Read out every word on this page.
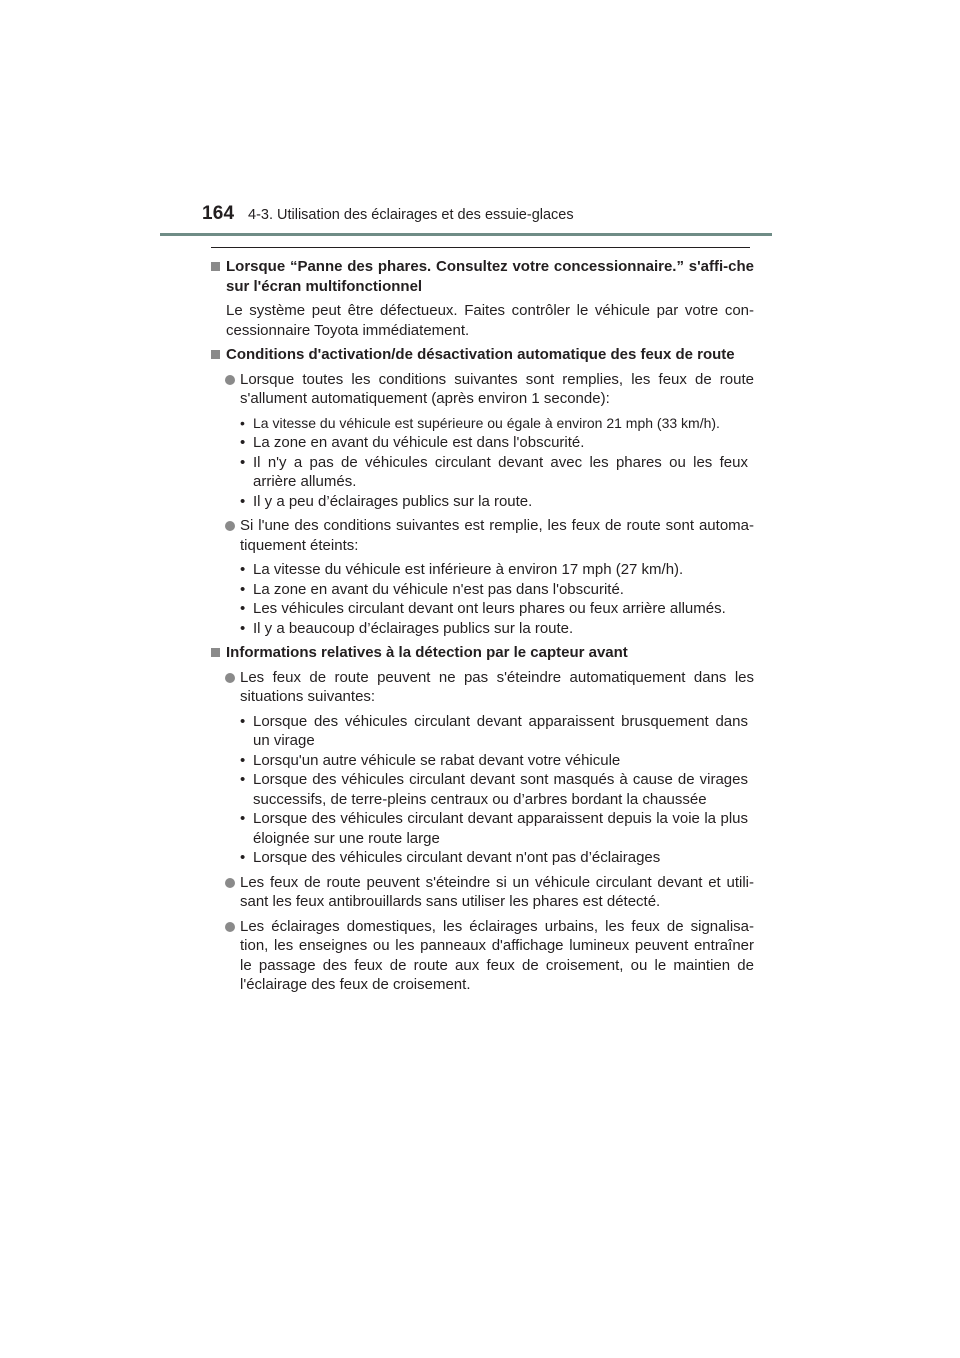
164 4-3. Utilisation des éclairages et des essuie-glaces
Lorsque “Panne des phares. Consultez votre concessionnaire.” s'affi-che sur l'écran multifonctionnel
Le système peut être défectueux. Faites contrôler le véhicule par votre con-cessionnaire Toyota immédiatement.
Conditions d'activation/de désactivation automatique des feux de route
Lorsque toutes les conditions suivantes sont remplies, les feux de route s'allument automatiquement (après environ 1 seconde):
• La vitesse du véhicule est supérieure ou égale à environ 21 mph (33 km/h).
• La zone en avant du véhicule est dans l'obscurité.
• Il n'y a pas de véhicules circulant devant avec les phares ou les feux arrière allumés.
• Il y a peu d’éclairages publics sur la route.
Si l'une des conditions suivantes est remplie, les feux de route sont automa-tiquement éteints:
• La vitesse du véhicule est inférieure à environ 17 mph (27 km/h).
• La zone en avant du véhicule n'est pas dans l'obscurité.
• Les véhicules circulant devant ont leurs phares ou feux arrière allumés.
• Il y a beaucoup d’éclairages publics sur la route.
Informations relatives à la détection par le capteur avant
Les feux de route peuvent ne pas s'éteindre automatiquement dans les situations suivantes:
• Lorsque des véhicules circulant devant apparaissent brusquement dans un virage
• Lorsqu'un autre véhicule se rabat devant votre véhicule
• Lorsque des véhicules circulant devant sont masqués à cause de virages successifs, de terre-pleins centraux ou d’arbres bordant la chaussée
• Lorsque des véhicules circulant devant apparaissent depuis la voie la plus éloignée sur une route large
• Lorsque des véhicules circulant devant n'ont pas d’éclairages
Les feux de route peuvent s'éteindre si un véhicule circulant devant et utili-sant les feux antibrouillards sans utiliser les phares est détecté.
Les éclairages domestiques, les éclairages urbains, les feux de signalisa-tion, les enseignes ou les panneaux d'affichage lumineux peuvent entraîner le passage des feux de route aux feux de croisement, ou le maintien de l'éclairage des feux de croisement.
